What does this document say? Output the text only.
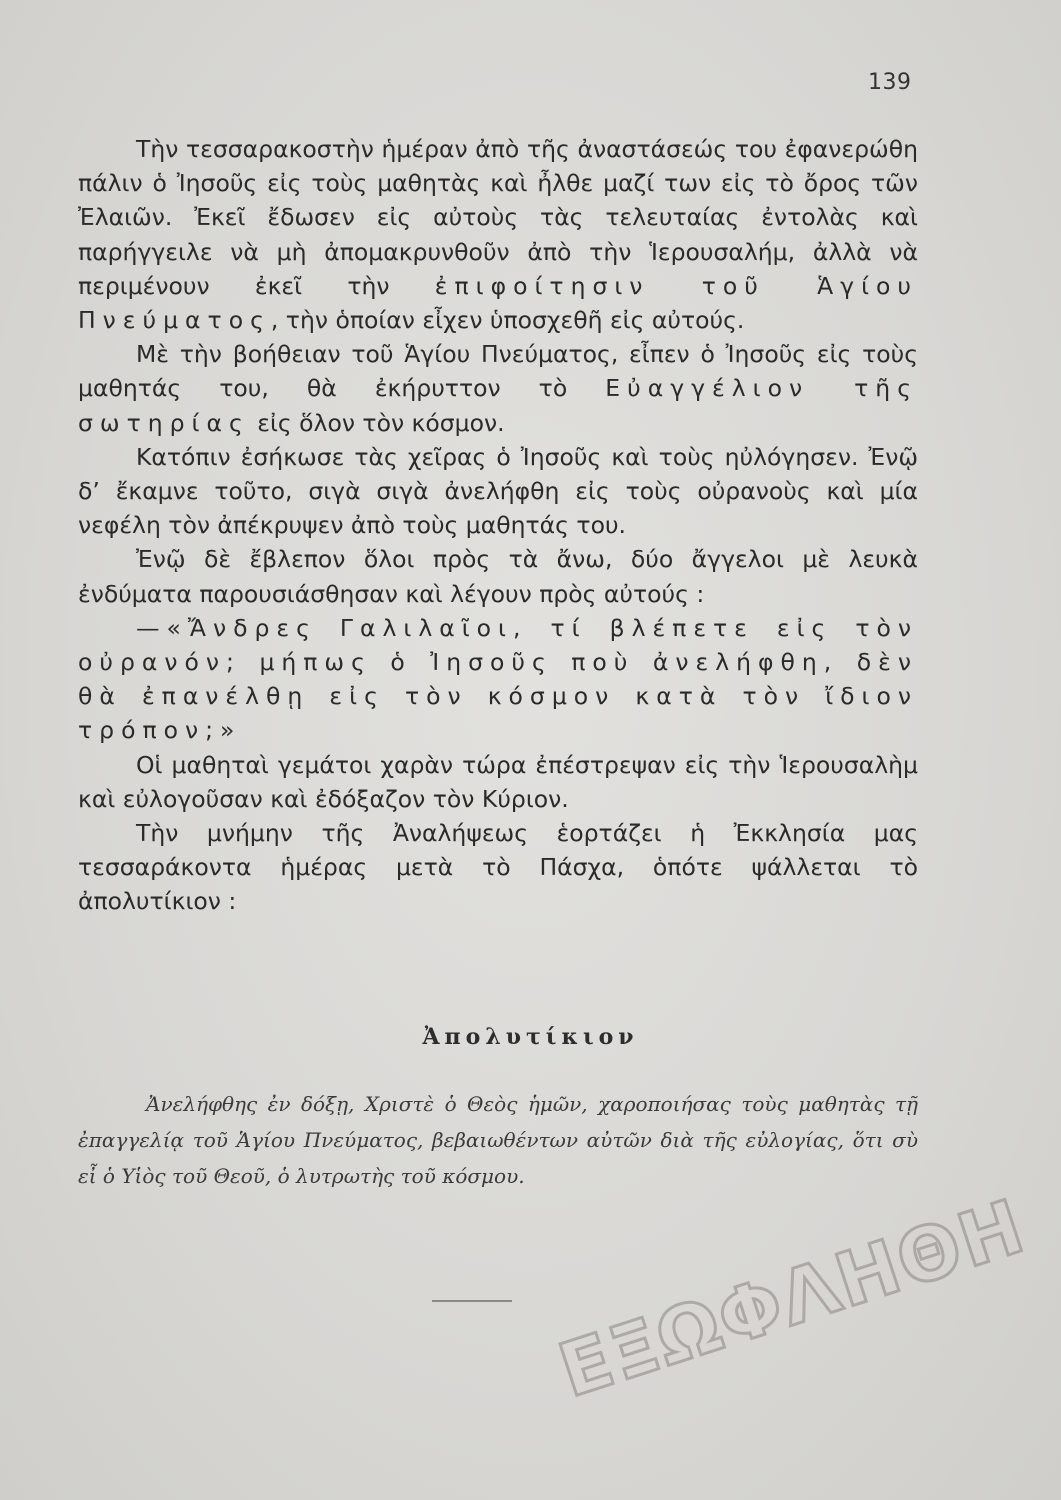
139

Τὴν τεσσαρακοστὴν ἡμέραν ἀπὸ τῆς ἀναστάσεώς του ἐφανερώθη πάλιν ὁ Ἰησοῦς εἰς τοὺς μαθητὰς καὶ ἦλθε μαζί των εἰς τὸ ὄρος τῶν Ἐλαιῶν. Ἐκεῖ ἔδωσεν εἰς αὐτοὺς τὰς τελευταίας ἐντολὰς καὶ παρήγγειλε νὰ μὴ ἀπομακρυνθοῦν ἀπὸ τὴν Ἱερουσαλήμ, ἀλλὰ νὰ περιμένουν ἐκεῖ τὴν ἐπιφοίτησιν τοῦ Ἁγίου Πνεύματος, τὴν ὁποίαν εἶχεν ὑποσχεθῆ εἰς αὐτούς.

Μὲ τὴν βοήθειαν τοῦ Ἁγίου Πνεύματος, εἶπεν ὁ Ἰησοῦς εἰς τοὺς μαθητάς του, θὰ ἐκήρυττον τὸ Εὐαγγέλιον τῆς σωτηρίας εἰς ὅλον τὸν κόσμον.

Κατόπιν ἐσήκωσε τὰς χεῖρας ὁ Ἰησοῦς καὶ τοὺς ηὐλόγησεν. Ἐνῷ δ’ ἔκαμνε τοῦτο, σιγὰ σιγὰ ἀνελήφθη εἰς τοὺς οὐρανοὺς καὶ μία νεφέλη τὸν ἀπέκρυψεν ἀπὸ τοὺς μαθητάς του.

Ἐνῷ δὲ ἔβλεπον ὅλοι πρὸς τὰ ἄνω, δύο ἄγγελοι μὲ λευκὰ ἐνδύματα παρουσιάσθησαν καὶ λέγουν πρὸς αὐτούς :

—«Ἄνδρες Γαλιλαῖοι, τί βλέπετε εἰς τὸν οὐρανόν; μήπως ὁ Ἰησοῦς ποὺ ἀνελήφθη, δὲν θὰ ἐπανέλθῃ εἰς τὸν κόσμον κατὰ τὸν ἴδιον τρόπον;»

Οἱ μαθηταὶ γεμάτοι χαρὰν τώρα ἐπέστρεψαν εἰς τὴν Ἱερουσαλὴμ καὶ εὐλογοῦσαν καὶ ἐδόξαζον τὸν Κύριον.

Τὴν μνήμην τῆς Ἀναλήψεως ἑορτάζει ἡ Ἐκκλησία μας τεσσαράκοντα ἡμέρας μετὰ τὸ Πάσχα, ὁπότε ψάλλεται τὸ ἀπολυτίκιον :

Ἀπολυτίκιον

Ἀνελήφθης ἐν δόξῃ, Χριστὲ ὁ Θεὸς ἡμῶν, χαροποιήσας τοὺς μαθητὰς τῇ ἐπαγγελίᾳ τοῦ Ἁγίου Πνεύματος, βεβαιωθέντων αὐτῶν διὰ τῆς εὐλογίας, ὅτι σὺ εἶ ὁ Υἱὸς τοῦ Θεοῦ, ὁ λυτρωτὴς τοῦ κόσμου.

ΕΞΩΦΛΗΘΗ
